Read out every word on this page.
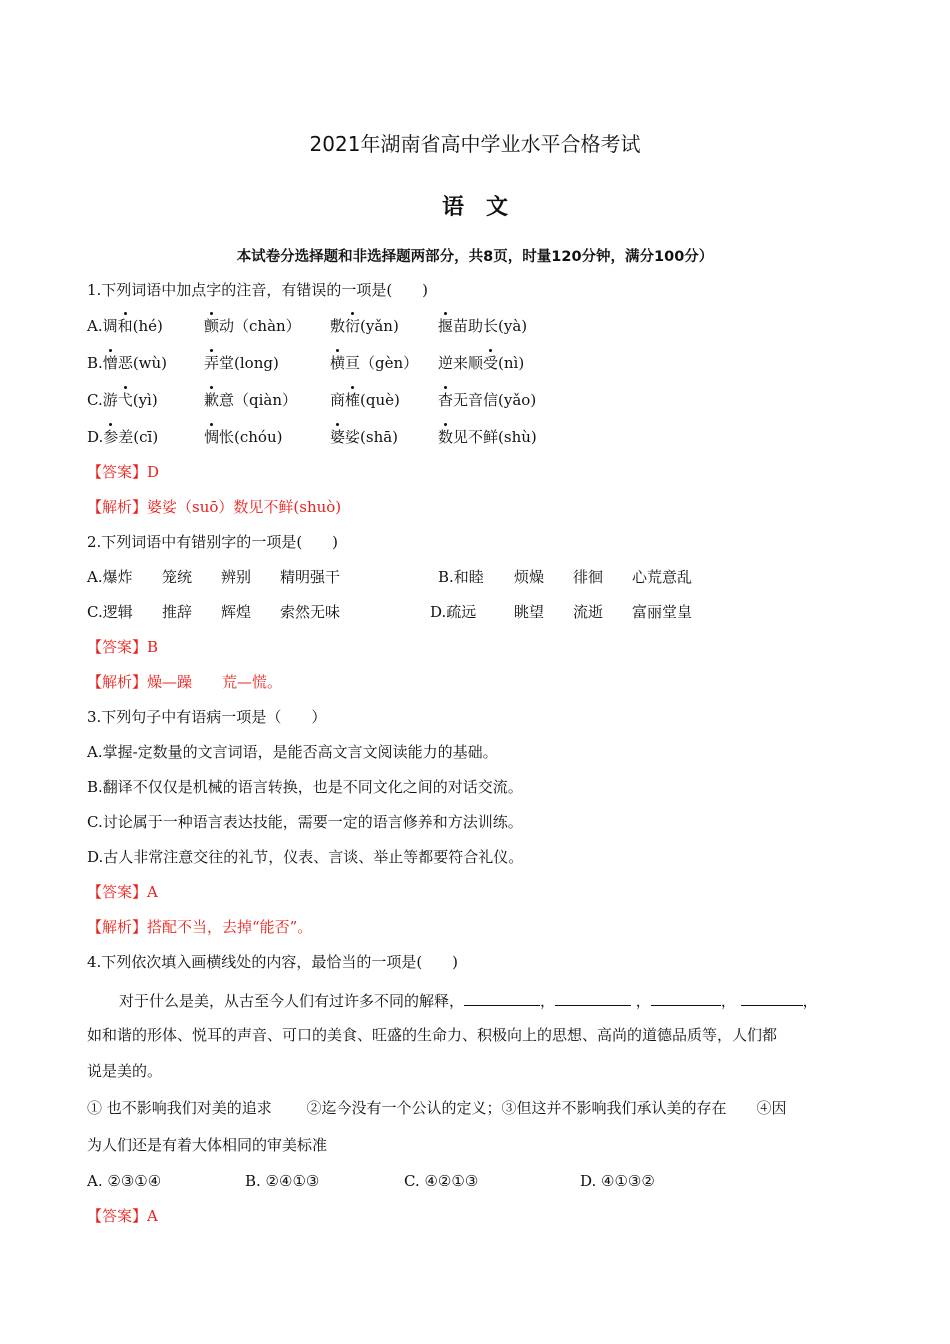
2021年湖南省高中学业水平合格考试
语　文
本试卷分选择题和非选择题两部分，共8页，时量120分钟，满分100分）
1.下列词语中加点字的注音，有错误的一项是(　　)
A.调和(hé)	颤动（chàn） 敷衍(yǎn)	揠苗助长(yà)
B.憎恶(wù) 弄堂(long)	横亘（gèn） 逆来顺受(nì)
C.游弋(yì)	歉意（qiàn） 商榷(què)	杳无音信(yǎo)
D.参差(cī)	惆怅(chóu)	婆娑(shā)	数见不鲜(shù)
【答案】D
【解析】婆娑（suō）数见不鲜(shuò)
2.下列词语中有错别字的一项是(　　)
A.爆炸 笼统 辨别 精明强干	B.和睦 烦燥 徘徊 心荒意乱
C.逻辑 推辞 辉煌 索然无味	D.疏远	眺望 流逝 富丽堂皇
【答案】B
【解析】燥—躁　　荒—慌。
3.下列句子中有语病一项是（　　）
A.掌握-定数量的文言词语，是能否高文言文阅读能力的基础。
B.翻译不仅仅是机械的语言转换，也是不同文化之间的对话交流。
C.讨论属于一种语言表达技能，需要一定的语言修养和方法训练。
D.古人非常注意交往的礼节，仪表、言谈、举止等都要符合礼仪。
【答案】A
【解析】搭配不当，去掉“能否”。
4.下列依次填入画横线处的内容，最恰当的一项是(　　)
对于什么是美，从古至今人们有过许多不同的解释，	，	，	，	，
如和谐的形体、悦耳的声音、可口的美食、旺盛的生命力、积极向上的思想、高尚的道德品质等，人们都
说是美的。
① 也不影响我们对美的追求　　 ②迄今没有一个公认的定义；③但这并不影响我们承认美的存在　　④因
为人们还是有着大体相同的审美标准
A. ②③①④	B. ②④①③	C. ④②①③	D. ④①③②
【答案】A
